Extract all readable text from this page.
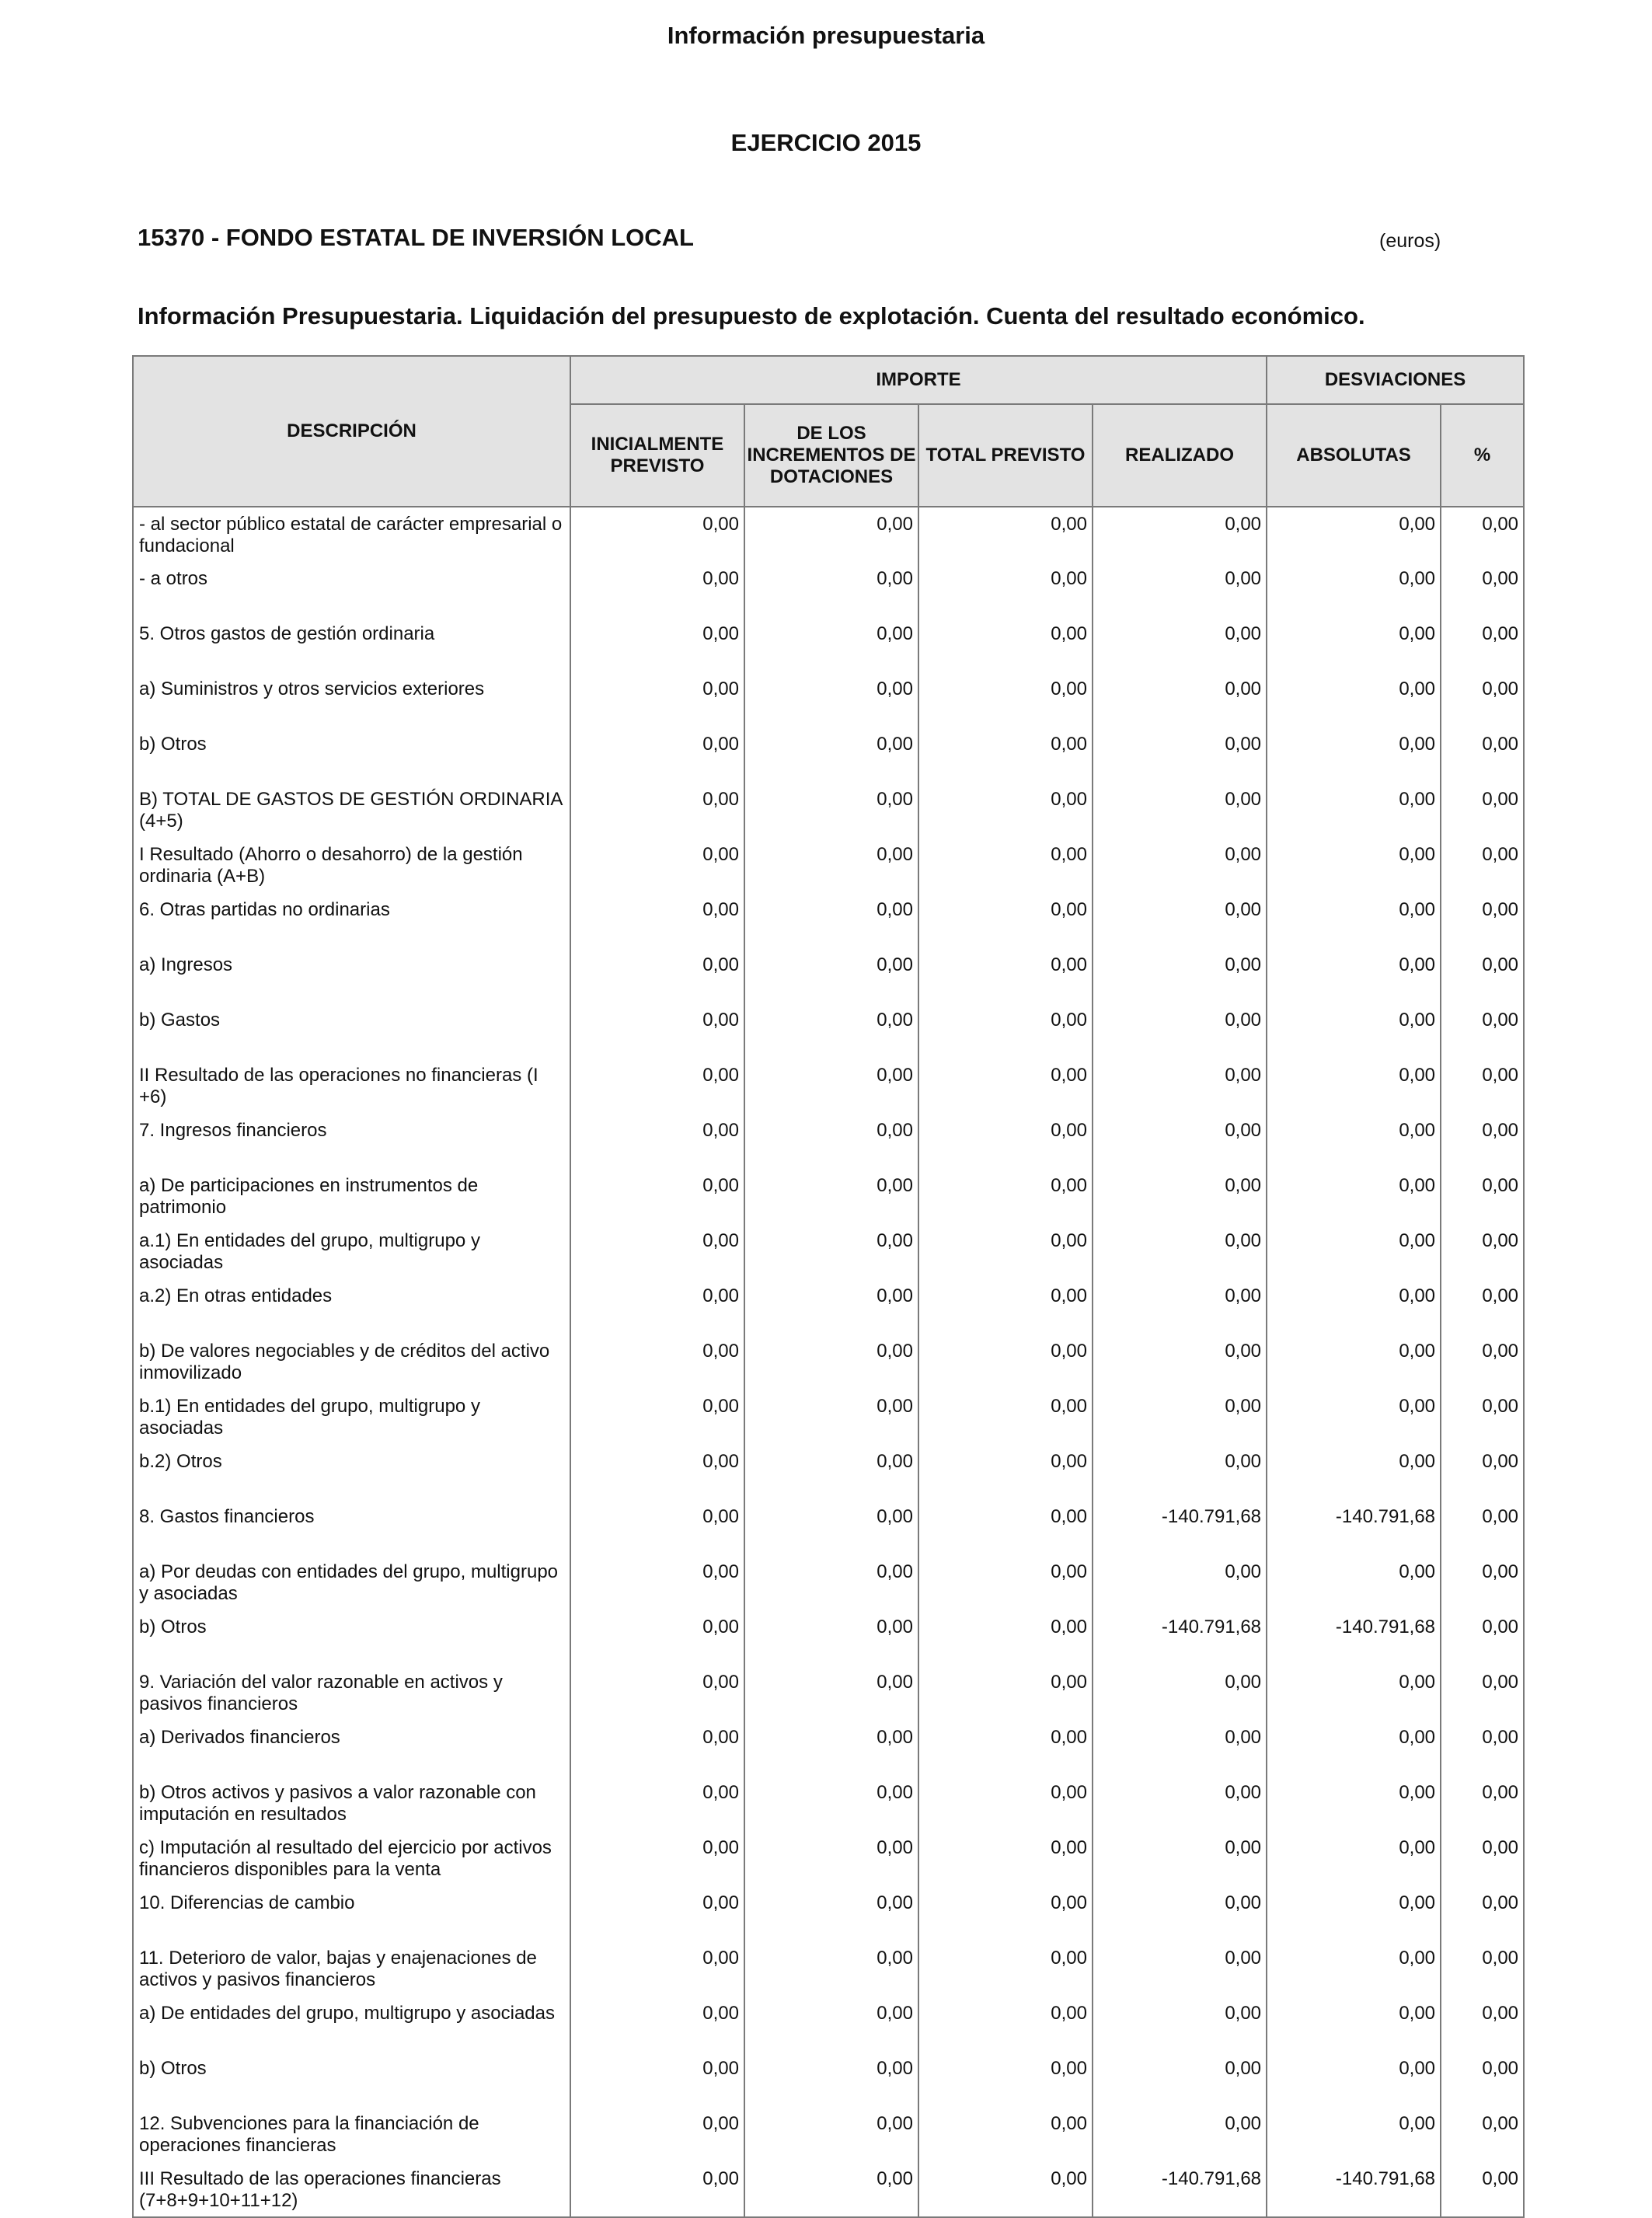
Información presupuestaria
EJERCICIO 2015
15370 - FONDO ESTATAL DE INVERSIÓN LOCAL	(euros)
Información Presupuestaria. Liquidación del presupuesto de explotación. Cuenta del resultado económico.
DESCRIPCIÓN	IMPORTE				DESVIACIONES	
	INICIALMENTE PREVISTO	DE LOS INCREMENTOS DE DOTACIONES	TOTAL PREVISTO	REALIZADO	ABSOLUTAS	%
- al sector público estatal de carácter empresarial o fundacional	0,00	0,00	0,00	0,00	0,00	0,00
- a otros	0,00	0,00	0,00	0,00	0,00	0,00
5. Otros gastos de gestión ordinaria	0,00	0,00	0,00	0,00	0,00	0,00
a) Suministros y otros servicios exteriores	0,00	0,00	0,00	0,00	0,00	0,00
b) Otros	0,00	0,00	0,00	0,00	0,00	0,00
B) TOTAL DE GASTOS DE GESTIÓN ORDINARIA (4+5)	0,00	0,00	0,00	0,00	0,00	0,00
I Resultado (Ahorro o desahorro) de la gestión ordinaria (A+B)	0,00	0,00	0,00	0,00	0,00	0,00
6. Otras partidas no ordinarias	0,00	0,00	0,00	0,00	0,00	0,00
a) Ingresos	0,00	0,00	0,00	0,00	0,00	0,00
b) Gastos	0,00	0,00	0,00	0,00	0,00	0,00
II Resultado de las operaciones no financieras (I +6)	0,00	0,00	0,00	0,00	0,00	0,00
7. Ingresos financieros	0,00	0,00	0,00	0,00	0,00	0,00
a) De participaciones en instrumentos de patrimonio	0,00	0,00	0,00	0,00	0,00	0,00
a.1) En entidades del grupo, multigrupo y asociadas	0,00	0,00	0,00	0,00	0,00	0,00
a.2) En otras entidades	0,00	0,00	0,00	0,00	0,00	0,00
b) De valores negociables y de créditos del activo inmovilizado	0,00	0,00	0,00	0,00	0,00	0,00
b.1) En entidades del grupo, multigrupo y asociadas	0,00	0,00	0,00	0,00	0,00	0,00
b.2) Otros	0,00	0,00	0,00	0,00	0,00	0,00
8. Gastos financieros	0,00	0,00	0,00	-140.791,68	-140.791,68	0,00
a) Por deudas con entidades del grupo, multigrupo y asociadas	0,00	0,00	0,00	0,00	0,00	0,00
b) Otros	0,00	0,00	0,00	-140.791,68	-140.791,68	0,00
9. Variación del valor razonable en activos y pasivos financieros	0,00	0,00	0,00	0,00	0,00	0,00
a) Derivados financieros	0,00	0,00	0,00	0,00	0,00	0,00
b) Otros activos y pasivos a valor razonable con imputación en resultados	0,00	0,00	0,00	0,00	0,00	0,00
c) Imputación al resultado del ejercicio por activos financieros disponibles para la venta	0,00	0,00	0,00	0,00	0,00	0,00
10. Diferencias de cambio	0,00	0,00	0,00	0,00	0,00	0,00
11. Deterioro de valor, bajas y enajenaciones de activos y pasivos financieros	0,00	0,00	0,00	0,00	0,00	0,00
a) De entidades del grupo, multigrupo y asociadas	0,00	0,00	0,00	0,00	0,00	0,00
b) Otros	0,00	0,00	0,00	0,00	0,00	0,00
12. Subvenciones para la financiación de operaciones financieras	0,00	0,00	0,00	0,00	0,00	0,00
III Resultado de las operaciones financieras (7+8+9+10+11+12)	0,00	0,00	0,00	-140.791,68	-140.791,68	0,00
